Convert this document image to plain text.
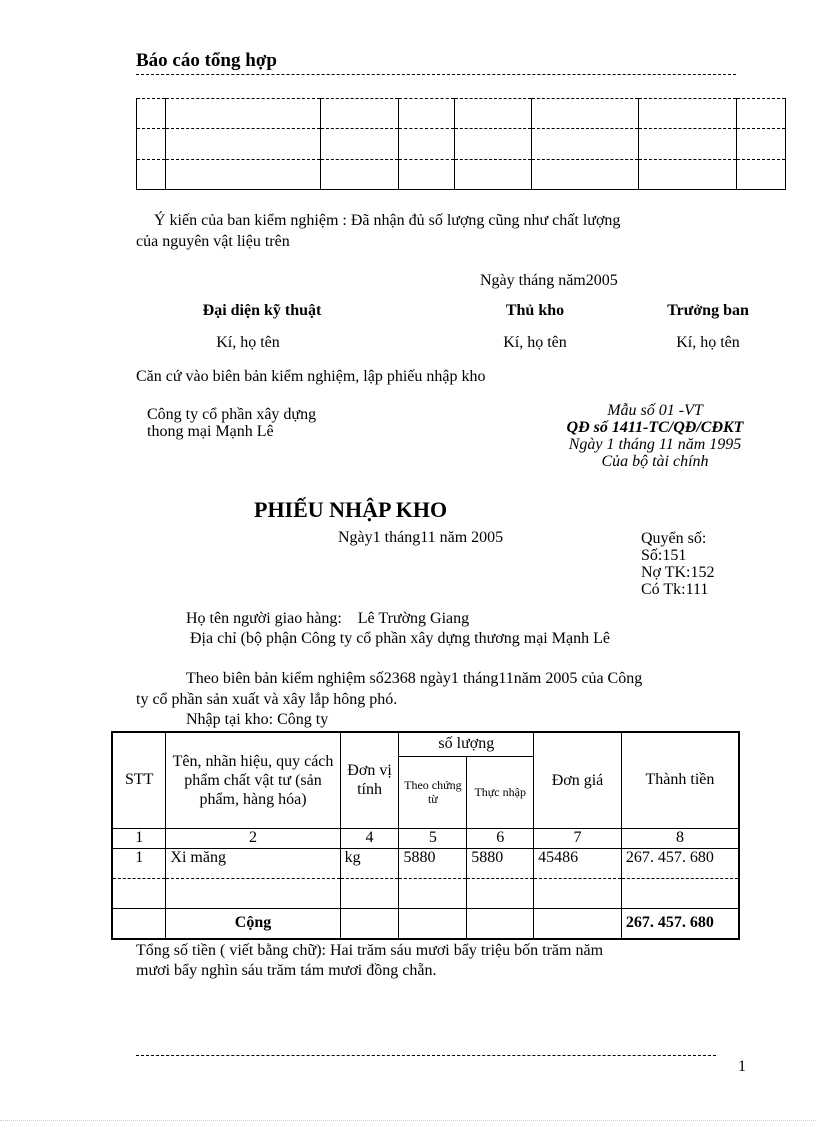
Báo cáo tổng hợp

Ý kiến của ban kiểm nghiệm : Đã nhận đủ số lượng cũng như chất lượng
của nguyên vật liệu trên
Ngày tháng năm2005
Đại diện kỹ thuật	Thủ kho	Trưởng ban
Kí, họ tên	Kí, họ tên	Kí, họ tên
Căn cứ vào biên bản kiểm nghiệm, lập phiếu nhập kho
Công ty cổ phần xây dựng
thong mại Mạnh Lê
Mẫu số 01 -VT
QĐ số 1411-TC/QĐ/CĐKT
Ngày 1 tháng 11 năm 1995
Của bộ tài chính
PHIẾU NHẬP KHO
Ngày1 tháng11 năm 2005	Quyển số:
Số:151
Nợ TK:152
Có Tk:111
Họ tên người giao hàng: Lê Trường Giang
Địa chỉ (bộ phận Công ty cổ phần xây dựng thương mại Mạnh Lê
Theo biên bản kiểm nghiệm số2368 ngày1 tháng11năm 2005 của Công
ty cổ phần sản xuất và xây lắp hông phó.
Nhập tại kho: Công ty
STT	Tên, nhãn hiệu, quy cách phẩm chất vật tư (sản phẩm, hàng hóa)	Đơn vị tính	số lượng		Đơn giá	Thành tiền
			Theo chứng từ	Thực nhập		
1	2	4	5	6	7	8
1	Xi măng	kg	5880	5880	45486	267. 457. 680

	Cộng					267. 457. 680
Tổng số tiền ( viết bằng chữ): Hai trăm sáu mươi bẩy triệu bốn trăm năm
mươi bẩy nghìn sáu trăm tám mươi đồng chẵn.
1
